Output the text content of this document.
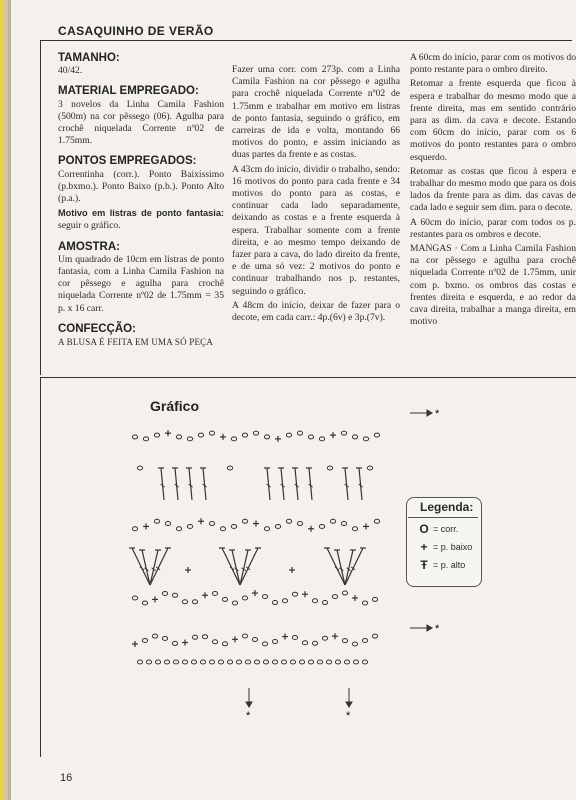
CASAQUINHO DE VERÃO
TAMANHO:

40/42.

MATERIAL EMPREGADO:

3 novelos da Linha Camila Fashion (500m) na cor pêssego (06). Agulha para crochê niquelada Corrente nº02 de 1.75mm.

PONTOS EMPREGADOS:

Correntinha (corr.). Ponto Baixíssimo (p.bxmo.). Ponto Baixo (p.b.). Ponto Alto (p.a.).

Motivo em listras de ponto fantasia: seguir o gráfico.

AMOSTRA:

Um quadrado de 10cm em listras de ponto fantasia, com a Linha Camila Fashion na cor pêssego e agulha para crochê niquelada Corrente nº02 de 1.75mm = 35 p. x 16 carr.

CONFECÇÃO:

A BLUSA É FEITA EM UMA SÓ PEÇA

Fazer uma corr. com 273p. com a Linha Camila Fashion na cor pêssego e agulha para crochê niquelada Corrente nº02 de 1.75mm e trabalhar em motivo em listras de ponto fantasia, seguindo o gráfico, em carreiras de ida e volta, montando 66 motivos do ponto, e assim iniciando as duas partes da frente e as costas.

A 43cm do início, dividir o trabalho, sendo: 16 motivos do ponto para cada frente e 34 motivos do ponto para as costas, e continuar cada lado separadamente, deixando as costas e a frente esquerda à espera. Trabalhar somente com a frente direita, e ao mesmo tempo deixando de fazer para a cava, do lado direito da frente, e de uma só vez: 2 motivos do ponto e continuar trabalhando nos p. restantes, seguindo o gráfico.

A 48cm do início, deixar de fazer para o decote, em cada carr.: 4p.(6v) e 3p.(7v).

A 60cm do início, parar com os motivos do ponto restante para o ombro direito.

Retomar a frente esquerda que ficou à espera e trabalhar do mesmo modo que a frente direita, mas em sentido contrário para as dim. da cava e decote. Estando com 60cm do início, parar com os 6 motivos do ponto restantes para o ombro esquerdo.

Retomar as costas que ficou à espera e trabalhar do mesmo modo que para os dois lados da frente para as dim. das cavas de cada lado e seguir sem dim. para o decote.

A 60cm do início, parar com todos os p. restantes para os ombros e decote.

MANGAS · Com a Linha Camila Fashion na cor pêssego e agulha para crochê niquelada Corrente nº02 de 1.75mm, unir com p. bxmo. os ombros das costas e frentes direita e esquerda, e ao redor da cava direita, trabalhar a manga direita, em motivo

Gráfico	*
*
*	*
Legenda:
O = corr.
+ = p. baixo
Ŧ = p. alto
16
